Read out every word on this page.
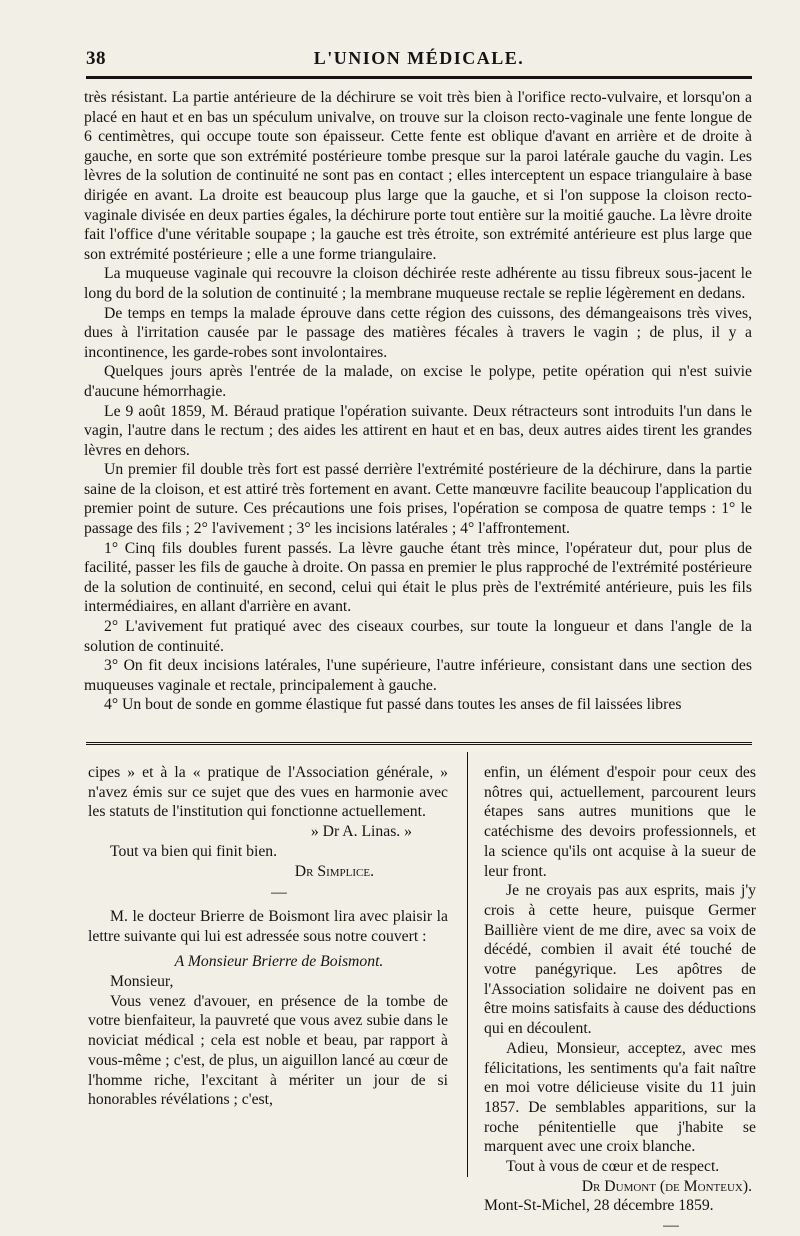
38	L'UNION MÉDICALE.

très résistant. La partie antérieure de la déchirure se voit très bien à l'orifice recto-vulvaire, et lorsqu'on a placé en haut et en bas un spéculum univalve, on trouve sur la cloison recto-vaginale une fente longue de 6 centimètres, qui occupe toute son épaisseur. Cette fente est oblique d'avant en arrière et de droite à gauche, en sorte que son extrémité postérieure tombe presque sur la paroi latérale gauche du vagin. Les lèvres de la solution de continuité ne sont pas en contact ; elles interceptent un espace triangulaire à base dirigée en avant. La droite est beaucoup plus large que la gauche, et si l'on suppose la cloison recto-vaginale divisée en deux parties égales, la déchirure porte tout entière sur la moitié gauche. La lèvre droite fait l'office d'une véritable soupape ; la gauche est très étroite, son extrémité antérieure est plus large que son extrémité postérieure ; elle a une forme triangulaire.

La muqueuse vaginale qui recouvre la cloison déchirée reste adhérente au tissu fibreux sous-jacent le long du bord de la solution de continuité ; la membrane muqueuse rectale se replie légèrement en dedans.

De temps en temps la malade éprouve dans cette région des cuissons, des démangeaisons très vives, dues à l'irritation causée par le passage des matières fécales à travers le vagin ; de plus, il y a incontinence, les garde-robes sont involontaires.

Quelques jours après l'entrée de la malade, on excise le polype, petite opération qui n'est suivie d'aucune hémorrhagie.

Le 9 août 1859, M. Béraud pratique l'opération suivante. Deux rétracteurs sont introduits l'un dans le vagin, l'autre dans le rectum ; des aides les attirent en haut et en bas, deux autres aides tirent les grandes lèvres en dehors.

Un premier fil double très fort est passé derrière l'extrémité postérieure de la déchirure, dans la partie saine de la cloison, et est attiré très fortement en avant. Cette manœuvre facilite beaucoup l'application du premier point de suture. Ces précautions une fois prises, l'opération se composa de quatre temps : 1° le passage des fils ; 2° l'avivement ; 3° les incisions latérales ; 4° l'affrontement.

1° Cinq fils doubles furent passés. La lèvre gauche étant très mince, l'opérateur dut, pour plus de facilité, passer les fils de gauche à droite. On passa en premier le plus rapproché de l'extrémité postérieure de la solution de continuité, en second, celui qui était le plus près de l'extrémité antérieure, puis les fils intermédiaires, en allant d'arrière en avant.

2° L'avivement fut pratiqué avec des ciseaux courbes, sur toute la longueur et dans l'angle de la solution de continuité.

3° On fit deux incisions latérales, l'une supérieure, l'autre inférieure, consistant dans une section des muqueuses vaginale et rectale, principalement à gauche.

4° Un bout de sonde en gomme élastique fut passé dans toutes les anses de fil laissées libres

cipes » et à la « pratique de l'Association générale, » n'avez émis sur ce sujet que des vues en harmonie avec les statuts de l'institution qui fonctionne actuellement.

» Dr A. Linas. »

Tout va bien qui finit bien.

Dr Simplice.

—

M. le docteur Brierre de Boismont lira avec plaisir la lettre suivante qui lui est adressée sous notre couvert :

A Monsieur Brierre de Boismont.

Monsieur,

Vous venez d'avouer, en présence de la tombe de votre bienfaiteur, la pauvreté que vous avez subie dans le noviciat médical ; cela est noble et beau, par rapport à vous-même ; c'est, de plus, un aiguillon lancé au cœur de l'homme riche, l'excitant à mériter un jour de si honorables révélations ; c'est,

enfin, un élément d'espoir pour ceux des nôtres qui, actuellement, parcourent leurs étapes sans autres munitions que le catéchisme des devoirs professionnels, et la science qu'ils ont acquise à la sueur de leur front.

Je ne croyais pas aux esprits, mais j'y crois à cette heure, puisque Germer Baillière vient de me dire, avec sa voix de décédé, combien il avait été touché de votre panégyrique. Les apôtres de l'Association solidaire ne doivent pas en être moins satisfaits à cause des déductions qui en découlent.

Adieu, Monsieur, acceptez, avec mes félicitations, les sentiments qu'a fait naître en moi votre délicieuse visite du 11 juin 1857. De semblables apparitions, sur la roche pénitentielle que j'habite se marquent avec une croix blanche.

Tout à vous de cœur et de respect.

Dr Dumont (de Monteux).

Mont-St-Michel, 28 décembre 1859.

—
